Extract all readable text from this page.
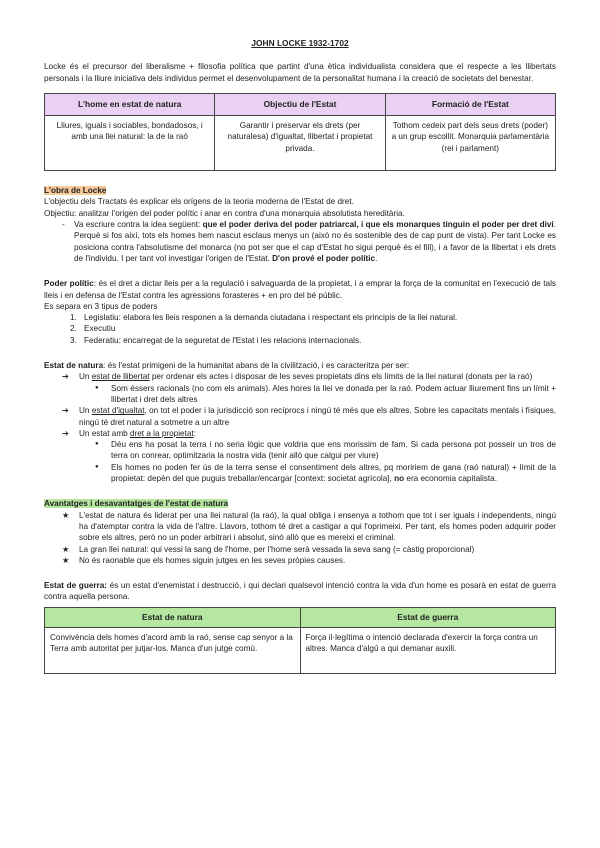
JOHN LOCKE 1932-1702

Locke és el precursor del liberalisme + filosofia política que partint d'una ètica individualista considera que el respecte a les llibertats personals i la lliure iniciativa dels individus permet el desenvolupament de la personalitat humana i la creació de societats del benestar.

L'home en estat de natura	Objectiu de l'Estat	Formació de l'Estat
Lliures, iguals i sociables, bondadosos, i amb una llei natural: la de la raó	Garantir i preservar els drets (per naturalesa) d'igualtat, llibertat i propietat privada.	Tothom cedeix part dels seus drets (poder) a un grup escollit. Monarquia parlamentària (rei i parlament)
L'obra de Locke

L'objectiu dels Tractats és explicar els orígens de la teoria moderna de l'Estat de dret.

Objectiu: analitzar l'origen del poder polític i anar en contra d'una monarquia absolutista hereditària.

- Va escriure contra la idea següent: que el poder deriva del poder patriarcal, i que els monarques tinguin el poder per dret diví. Perquè si fos així, tots els homes hem nascut esclaus menys un (això no és sostenible des de cap punt de vista). Per tant Locke es posiciona contra l'absolutisme del monarca (no pot ser que el cap d'Estat ho sigui perquè és el fill), i a favor de la llibertat i els drets de l'individu. I per tant vol investigar l'origen de l'Estat. D'on prové el poder polític.

Poder polític: és el dret a dictar lleis per a la regulació i salvaguarda de la propietat, i a emprar la força de la comunitat en l'execució de tals lleis i en defensa de l'Estat contra les agressions forasteres + en pro del bé públic.

Es separa en 3 tipus de poders

1. Legislatiu: elabora les lleis responen a la demanda ciutadana i respectant els principis de la llei natural.
2. Executiu
3. Federatiu: encarregat de la seguretat de l'Estat i les relacions internacionals.

Estat de natura: és l'estat primigeni de la humanitat abans de la civilització, i es caracteritza per ser:

➔ Un estat de llibertat per ordenar els actes i disposar de les seves propietats dins els límits de la llei natural (donats per la raó)
● Som éssers racionals (no com els animals). Ales hores la llei ve donada per la raó. Podem actuar lliurement fins un límit + llibertat i dret dels altres
➔ Un estat d'igualtat, on tot el poder i la jurisdicció son recíprocs i ningú té més que els altres. Sobre les capacitats mentals i físiques, ningú té dret natural a sotmetre a un altre
➔ Un estat amb dret a la propietat:
● Déu ens ha posat la terra i no seria lògic que voldria que ens morissim de fam. Si cada persona pot posseir un tros de terra on conrear, optimitzaria la nostra vida (tenir allò que calgui per viure)
● Els homes no poden fer ús de la terra sense el consentiment dels altres, pq moririem de gana (raó natural) + límit de la propietat: depèn del que puguis treballar/encargar [context: societat agrícola], no era economia capitalista.
Avantatges i desavantatges de l'estat de natura
★ L'estat de natura és liderat per una llei natural (la raó), la qual obliga i ensenya a tothom que tot i ser iguals i independents, ningú ha d'atemptar contra la vida de l'altre. Llavors, tothom té dret a castigar a qui l'oprimeixi. Per tant, els homes poden adquirir poder sobre els altres, però no un poder arbitrari i absolut, sinó allò que es mereixi el criminal.
★ La gran llei natural: qui vessi la sang de l'home, per l'home serà vessada la seva sang (= càstig proporcional)
★ No és raonable que els homes siguin jutges en les seves pròpies causes.

Estat de guerra: és un estat d'enemistat i destrucció, i qui declari qualsevol intenció contra la vida d'un home es posarà en estat de guerra contra aquella persona.

Estat de natura	Estat de guerra
Convivència dels homes d'acord amb la raó, sense cap senyor a la Terra amb autoritat per jutjar-los. Manca d'un jutge comú.	Força il·legítima o intenció declarada d'exercir la força contra un altres. Manca d'algú a qui demanar auxili.
